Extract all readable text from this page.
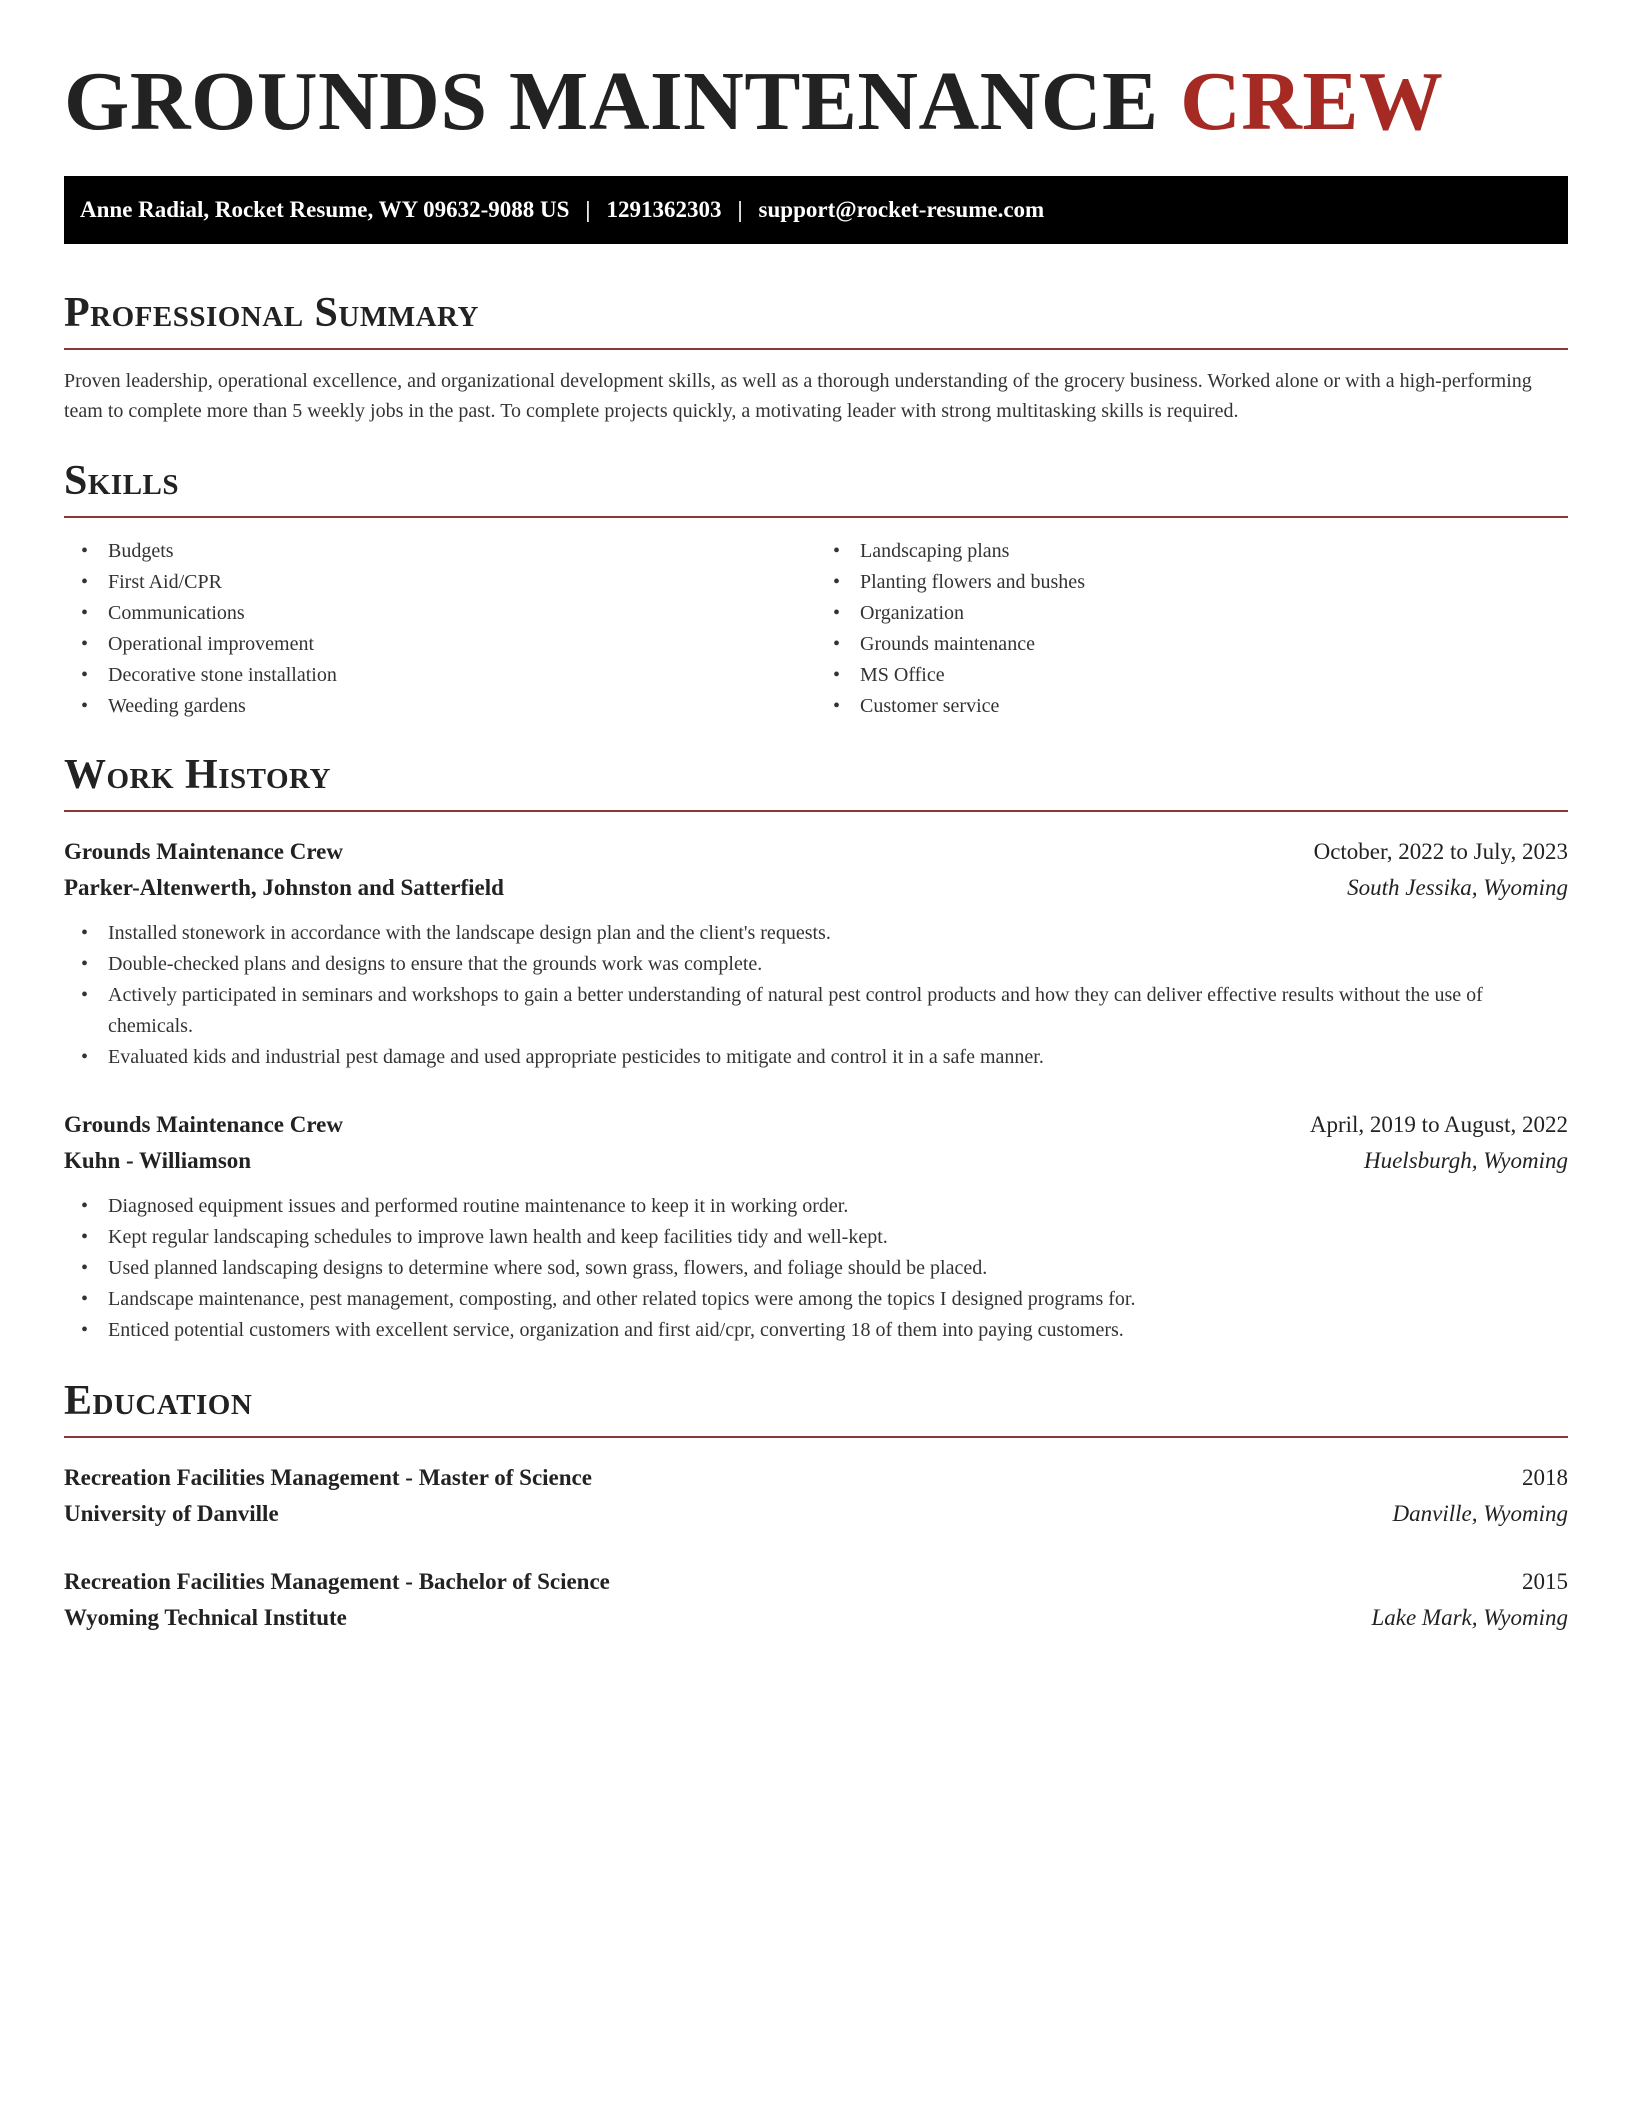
GROUNDS MAINTENANCE CREW
Anne Radial, Rocket Resume, WY 09632-9088 US | 1291362303 | support@rocket-resume.com
Professional Summary

Proven leadership, operational excellence, and organizational development skills, as well as a thorough understanding of the grocery business. Worked alone or with a high-performing team to complete more than 5 weekly jobs in the past. To complete projects quickly, a motivating leader with strong multitasking skills is required.

Skills
• Budgets
• First Aid/CPR
• Communications
• Operational improvement
• Decorative stone installation
• Weeding gardens
• Landscaping plans
• Planting flowers and bushes
• Organization
• Grounds maintenance
• MS Office
• Customer service
Work History
Grounds Maintenance Crew	October, 2022 to July, 2023
Parker-Altenwerth, Johnston and Satterfield	South Jessika, Wyoming
• Installed stonework in accordance with the landscape design plan and the client's requests.
• Double-checked plans and designs to ensure that the grounds work was complete.
• Actively participated in seminars and workshops to gain a better understanding of natural pest control products and how they can deliver effective results without the use of chemicals.
• Evaluated kids and industrial pest damage and used appropriate pesticides to mitigate and control it in a safe manner.
Grounds Maintenance Crew	April, 2019 to August, 2022
Kuhn - Williamson	Huelsburgh, Wyoming
• Diagnosed equipment issues and performed routine maintenance to keep it in working order.
• Kept regular landscaping schedules to improve lawn health and keep facilities tidy and well-kept.
• Used planned landscaping designs to determine where sod, sown grass, flowers, and foliage should be placed.
• Landscape maintenance, pest management, composting, and other related topics were among the topics I designed programs for.
• Enticed potential customers with excellent service, organization and first aid/cpr, converting 18 of them into paying customers.
Education
Recreation Facilities Management - Master of Science	2018
University of Danville	Danville, Wyoming
Recreation Facilities Management - Bachelor of Science	2015
Wyoming Technical Institute	Lake Mark, Wyoming
